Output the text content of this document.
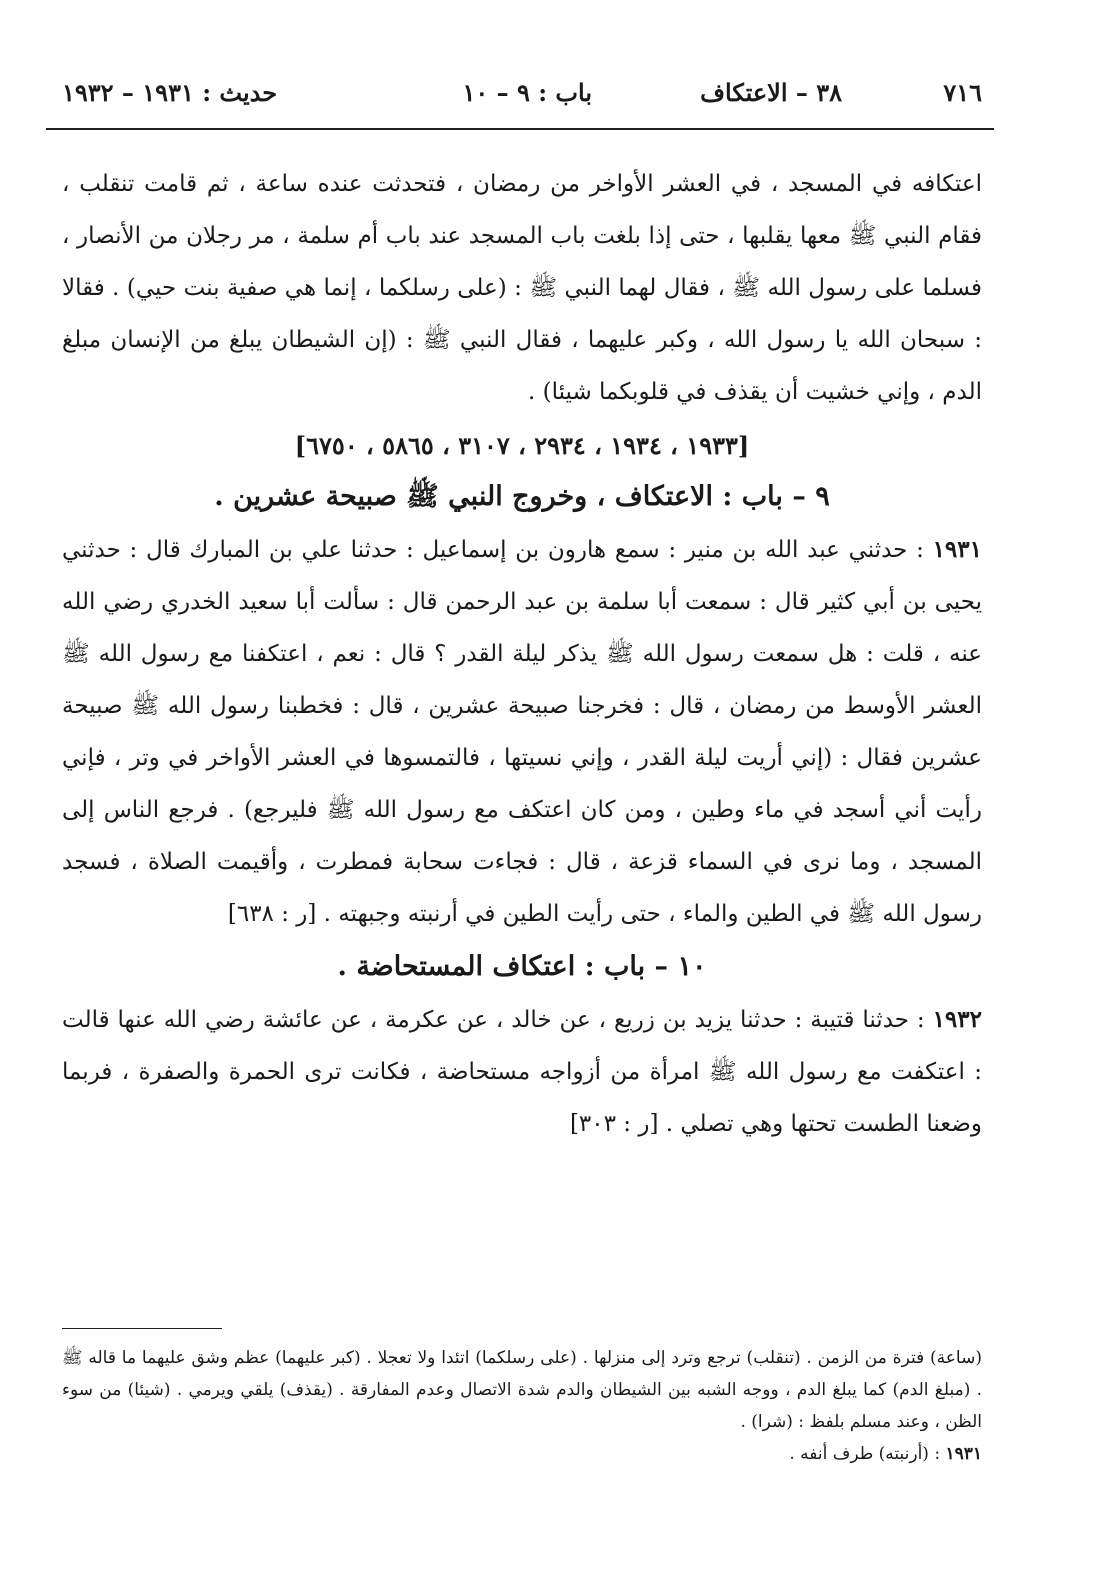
٧١٦
٣٨ – الاعتكاف
باب : ٩ – ١٠
حديث : ١٩٣١ – ١٩٣٢

اعتكافه في المسجد ، في العشر الأواخر من رمضان ، فتحدثت عنده ساعة ، ثم قامت تنقلب ، فقام النبي ﷺ معها يقلبها ، حتى إذا بلغت باب المسجد عند باب أم سلمة ، مر رجلان من الأنصار ، فسلما على رسول الله ﷺ ، فقال لهما النبي ﷺ : (على رسلكما ، إنما هي صفية بنت حيي) . فقالا : سبحان الله يا رسول الله ، وكبر عليهما ، فقال النبي ﷺ : (إن الشيطان يبلغ من الإنسان مبلغ الدم ، وإني خشيت أن يقذف في قلوبكما شيئا) .

[١٩٣٣ ، ١٩٣٤ ، ٢٩٣٤ ، ٣١٠٧ ، ٥٨٦٥ ، ٦٧٥٠]

٩ – باب : الاعتكاف ، وخروج النبي ﷺ صبيحة عشرين .

١٩٣١ : حدثني عبد الله بن منير : سمع هارون بن إسماعيل : حدثنا علي بن المبارك قال : حدثني يحيى بن أبي كثير قال : سمعت أبا سلمة بن عبد الرحمن قال : سألت أبا سعيد الخدري رضي الله عنه ، قلت : هل سمعت رسول الله ﷺ يذكر ليلة القدر ؟ قال : نعم ، اعتكفنا مع رسول الله ﷺ العشر الأوسط من رمضان ، قال : فخرجنا صبيحة عشرين ، قال : فخطبنا رسول الله ﷺ صبيحة عشرين فقال : (إني أريت ليلة القدر ، وإني نسيتها ، فالتمسوها في العشر الأواخر في وتر ، فإني رأيت أني أسجد في ماء وطين ، ومن كان اعتكف مع رسول الله ﷺ فليرجع) . فرجع الناس إلى المسجد ، وما نرى في السماء قزعة ، قال : فجاءت سحابة فمطرت ، وأقيمت الصلاة ، فسجد رسول الله ﷺ في الطين والماء ، حتى رأيت الطين في أرنبته وجبهته . [ر : ٦٣٨]

١٠ – باب : اعتكاف المستحاضة .

١٩٣٢ : حدثنا قتيبة : حدثنا يزيد بن زريع ، عن خالد ، عن عكرمة ، عن عائشة رضي الله عنها قالت : اعتكفت مع رسول الله ﷺ امرأة من أزواجه مستحاضة ، فكانت ترى الحمرة والصفرة ، فربما وضعنا الطست تحتها وهي تصلي . [ر : ٣٠٣]

(ساعة) فترة من الزمن . (تنقلب) ترجع وترد إلى منزلها . (على رسلكما) اتئدا ولا تعجلا . (كبر عليهما) عظم وشق عليهما ما قاله ﷺ . (مبلغ الدم) كما يبلغ الدم ، ووجه الشبه بين الشيطان والدم شدة الاتصال وعدم المفارقة . (يقذف) يلقي ويرمي . (شيئا) من سوء الظن ، وعند مسلم بلفظ : (شرا) .

١٩٣١ : (أرنبته) طرف أنفه .
